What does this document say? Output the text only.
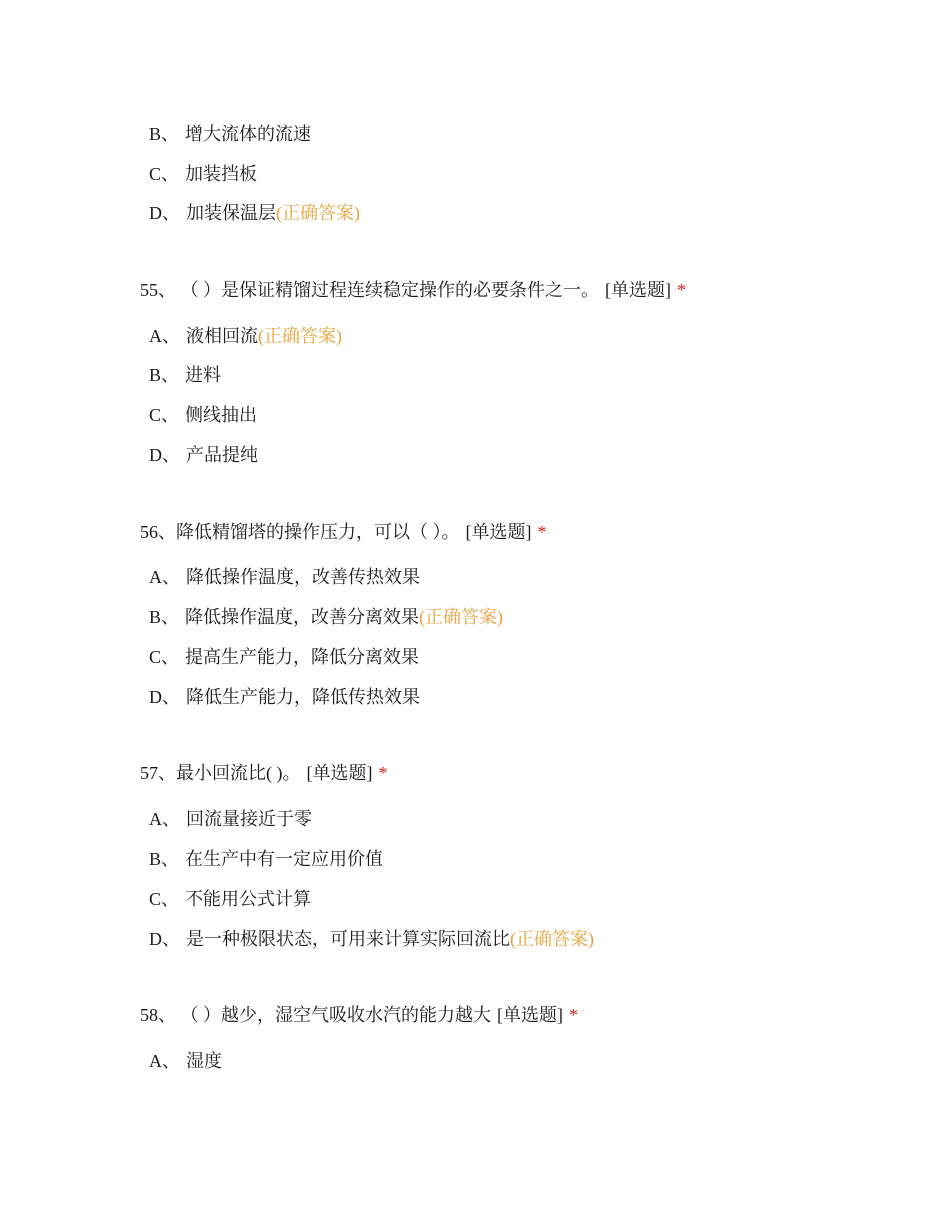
B、 增大流体的流速
C、 加装挡板
D、 加装保温层(正确答案)
55、 （ ）是保证精馏过程连续稳定操作的必要条件之一。 [单选题] *
A、 液相回流(正确答案)
B、 进料
C、 侧线抽出
D、 产品提纯
56、降低精馏塔的操作压力，可以（ ）。 [单选题] *
A、 降低操作温度，改善传热效果
B、 降低操作温度，改善分离效果(正确答案)
C、 提高生产能力，降低分离效果
D、 降低生产能力，降低传热效果
57、最小回流比( )。 [单选题] *
A、 回流量接近于零
B、 在生产中有一定应用价值
C、 不能用公式计算
D、 是一种极限状态，可用来计算实际回流比(正确答案)
58、 （ ）越少，湿空气吸收水汽的能力越大 [单选题] *
A、 湿度
